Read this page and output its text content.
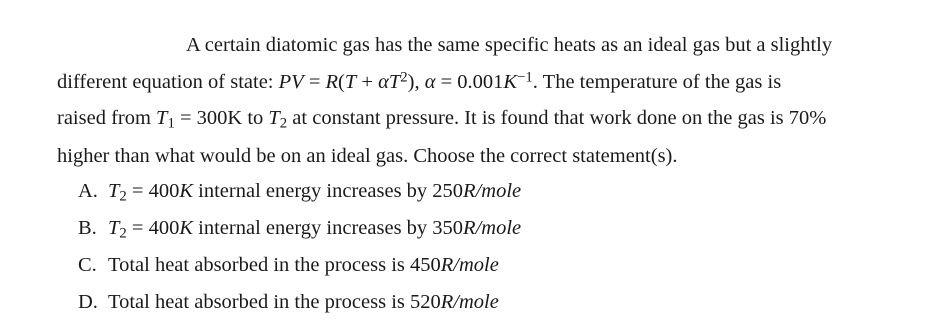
A certain diatomic gas has the same specific heats as an ideal gas but a slightly
different equation of state: PV = $R(T + \alpha T^2)$, $\alpha = 0.001K^{-1}$. The temperature of the gas is
raised from $T_1 = 300K$ to $T_2$ at constant pressure. It is found that work done on the gas is 70%
higher than what would be on an ideal gas. Choose the correct statement(s).
A. $T_2 = 400K$ internal energy increases by 250R/mole
B. $T_2 = 400K$ internal energy increases by 350R/mole
C. Total heat absorbed in the process is 450R/mole
D. Total heat absorbed in the process is 520R/mole
